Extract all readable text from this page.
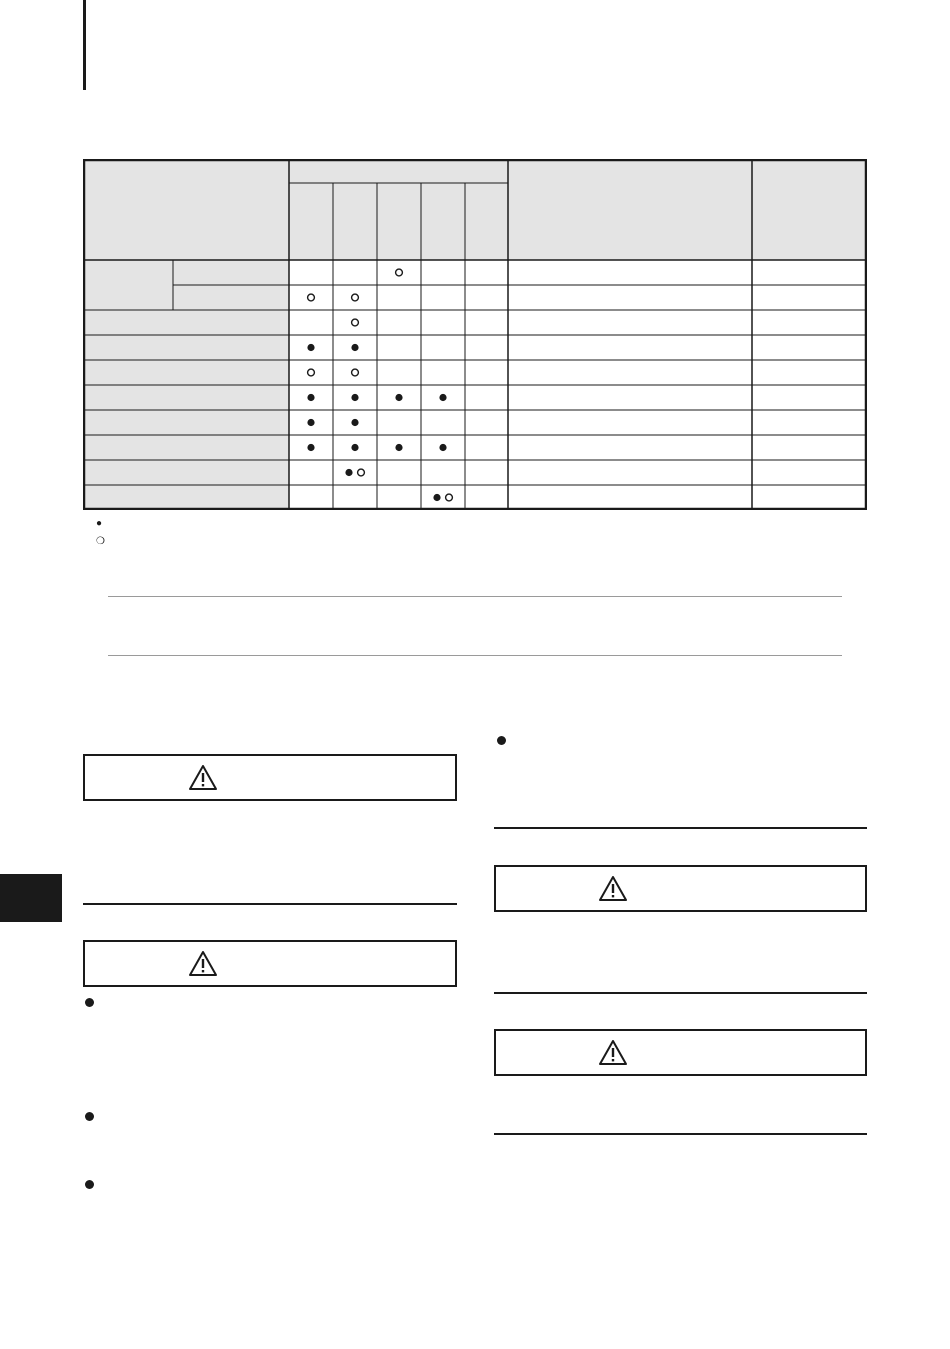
●
❍
